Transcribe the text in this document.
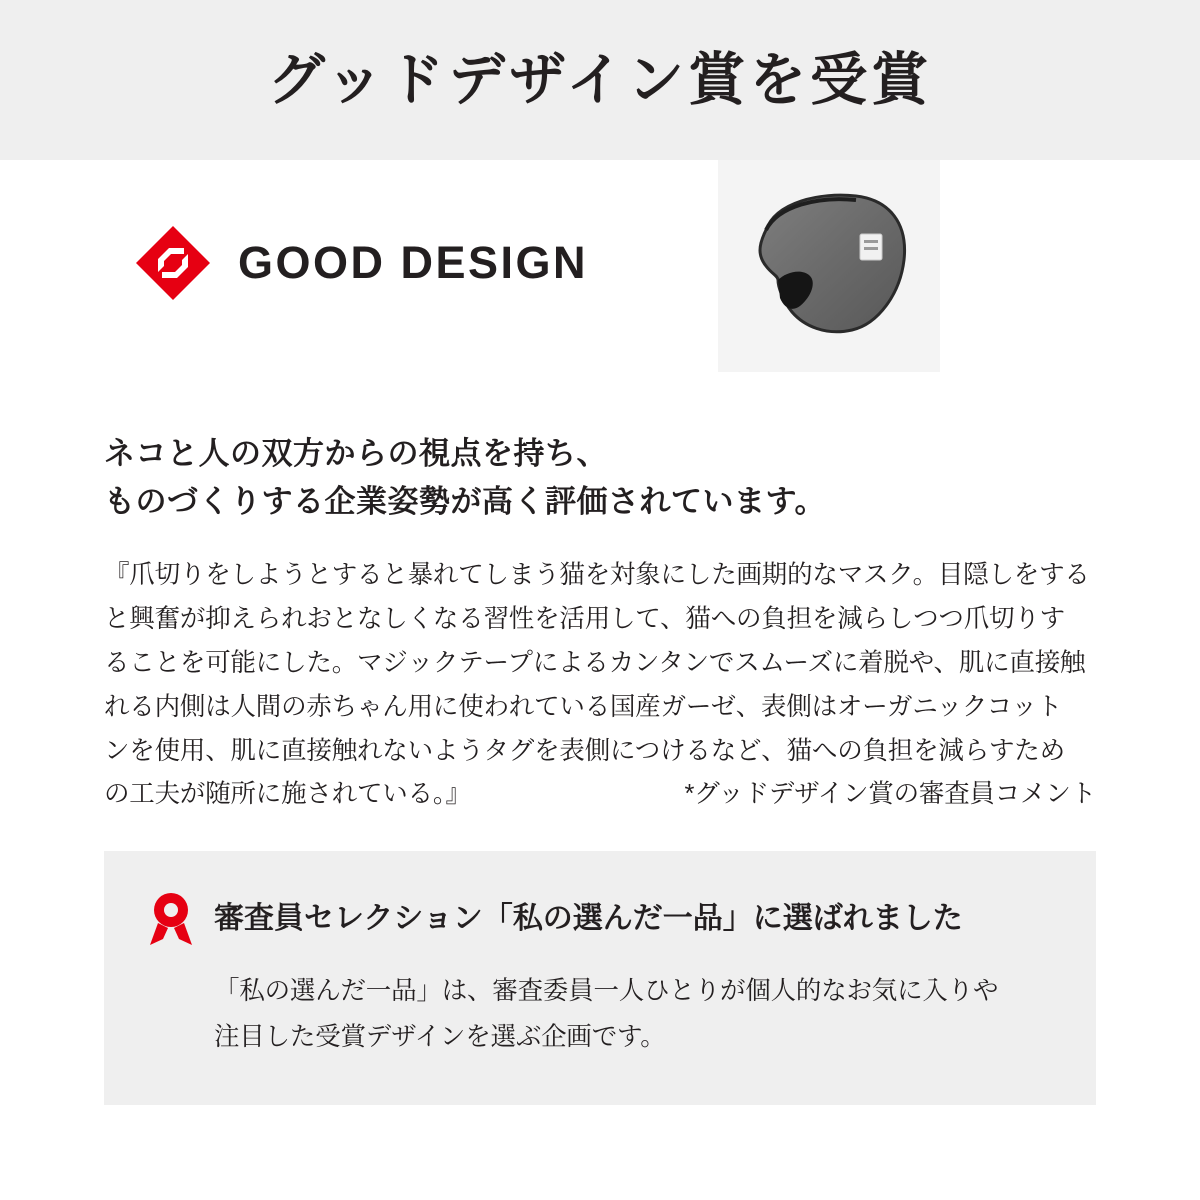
グッドデザイン賞を受賞
GOOD DESIGN
ネコと人の双方からの視点を持ち、
ものづくりする企業姿勢が高く評価されています。
『爪切りをしようとすると暴れてしまう猫を対象にした画期的なマスク。目隠しをする
と興奮が抑えられおとなしくなる習性を活用して、猫への負担を減らしつつ爪切りす
ることを可能にした。マジックテープによるカンタンでスムーズに着脱や、肌に直接触
れる内側は人間の赤ちゃん用に使われている国産ガーゼ、表側はオーガニックコット
ンを使用、肌に直接触れないようタグを表側につけるなど、猫への負担を減らすため
の工夫が随所に施されている。』	*グッドデザイン賞の審査員コメント
審査員セレクション「私の選んだ一品」に選ばれました
「私の選んだ一品」は、審査委員一人ひとりが個人的なお気に入りや
注目した受賞デザインを選ぶ企画です。
